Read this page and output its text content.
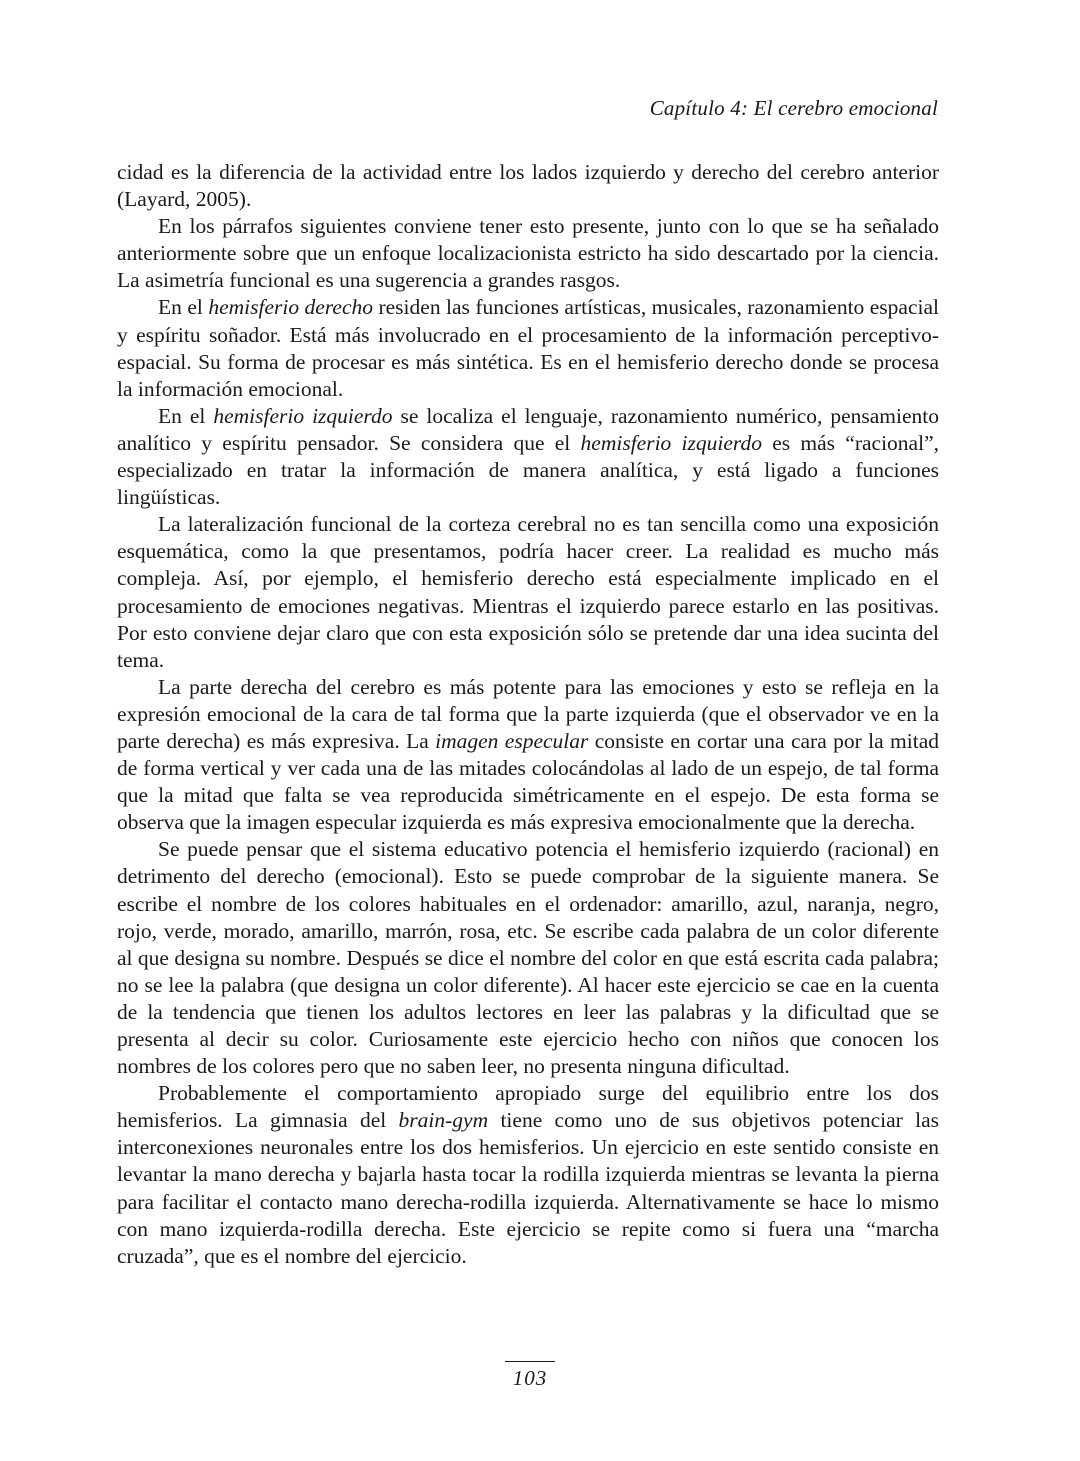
Capítulo 4: El cerebro emocional

cidad es la diferencia de la actividad entre los lados izquierdo y derecho del cerebro anterior (Layard, 2005).

En los párrafos siguientes conviene tener esto presente, junto con lo que se ha señalado anteriormente sobre que un enfoque localizacionista estricto ha sido descartado por la ciencia. La asimetría funcional es una sugerencia a grandes rasgos.

En el hemisferio derecho residen las funciones artísticas, musicales, razonamiento espacial y espíritu soñador. Está más involucrado en el procesamiento de la información perceptivo-espacial. Su forma de procesar es más sintética. Es en el hemisferio derecho donde se procesa la información emocional.

En el hemisferio izquierdo se localiza el lenguaje, razonamiento numérico, pensamiento analítico y espíritu pensador. Se considera que el hemisferio izquierdo es más “racional”, especializado en tratar la información de manera analítica, y está ligado a funciones lingüísticas.

La lateralización funcional de la corteza cerebral no es tan sencilla como una exposición esquemática, como la que presentamos, podría hacer creer. La realidad es mucho más compleja. Así, por ejemplo, el hemisferio derecho está especialmente implicado en el procesamiento de emociones negativas. Mientras el izquierdo parece estarlo en las positivas. Por esto conviene dejar claro que con esta exposición sólo se pretende dar una idea sucinta del tema.

La parte derecha del cerebro es más potente para las emociones y esto se refleja en la expresión emocional de la cara de tal forma que la parte izquierda (que el observador ve en la parte derecha) es más expresiva. La imagen especular consiste en cortar una cara por la mitad de forma vertical y ver cada una de las mitades colocándolas al lado de un espejo, de tal forma que la mitad que falta se vea reproducida simétricamente en el espejo. De esta forma se observa que la imagen especular izquierda es más expresiva emocionalmente que la derecha.

Se puede pensar que el sistema educativo potencia el hemisferio izquierdo (racional) en detrimento del derecho (emocional). Esto se puede comprobar de la siguiente manera. Se escribe el nombre de los colores habituales en el ordenador: amarillo, azul, naranja, negro, rojo, verde, morado, amarillo, marrón, rosa, etc. Se escribe cada palabra de un color diferente al que designa su nombre. Después se dice el nombre del color en que está escrita cada palabra; no se lee la palabra (que designa un color diferente). Al hacer este ejercicio se cae en la cuenta de la tendencia que tienen los adultos lectores en leer las palabras y la dificultad que se presenta al decir su color. Curiosamente este ejercicio hecho con niños que conocen los nombres de los colores pero que no saben leer, no presenta ninguna dificultad.

Probablemente el comportamiento apropiado surge del equilibrio entre los dos hemisferios. La gimnasia del brain-gym tiene como uno de sus objetivos potenciar las interconexiones neuronales entre los dos hemisferios. Un ejercicio en este sentido consiste en levantar la mano derecha y bajarla hasta tocar la rodilla izquierda mientras se levanta la pierna para facilitar el contacto mano derecha-rodilla izquierda. Alternativamente se hace lo mismo con mano izquierda-rodilla derecha. Este ejercicio se repite como si fuera una “marcha cruzada”, que es el nombre del ejercicio.

103
